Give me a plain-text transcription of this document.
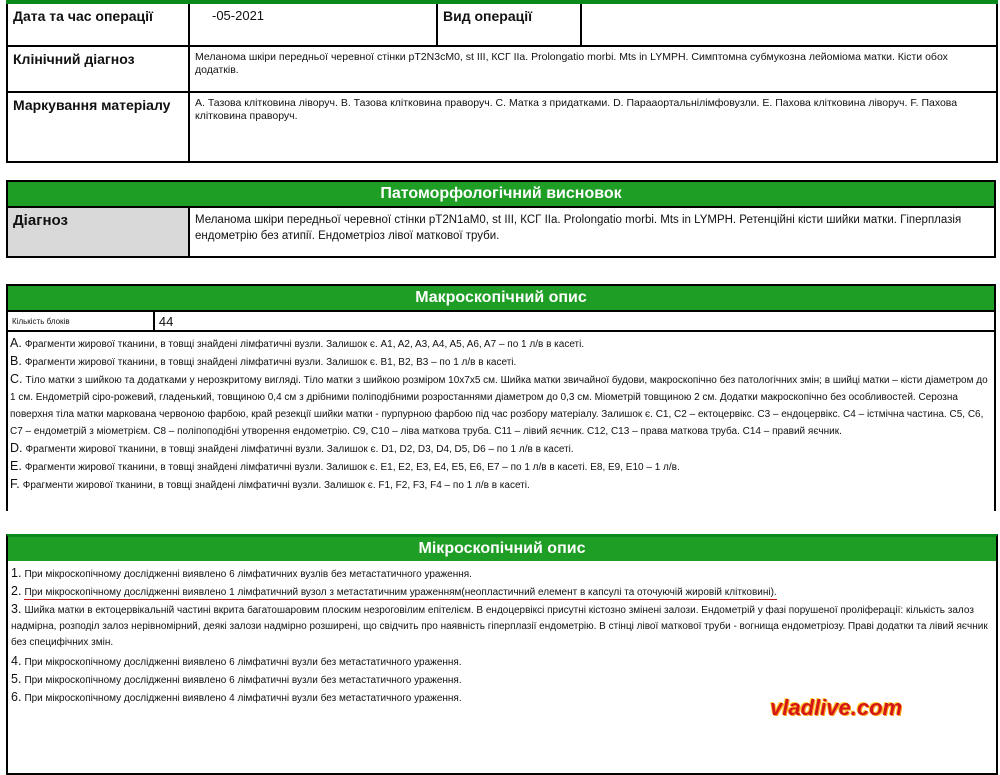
Дата та час операції	-05-2021	Вид операції	
Клінічний діагноз	Меланома шкіри передньої черевної стінки pT2N3cM0, st III, КСГ IIa. Prolongatio morbi. Mts in LYMPH. Симптомна субмукозна лейоміома матки. Кісти обох додатків.		
Маркування матеріалу	A. Тазова клітковина ліворуч. B. Тазова клітковина праворуч. C. Матка з придатками. D. Парааортальнілімфовузли. E. Пахова клітковина ліворуч. F. Пахова клітковина праворуч.		
Патоморфологічний висновок
Діагноз	Меланома шкіри передньої черевної стінки pT2N1aM0, st III, КСГ IIa. Prolongatio morbi. Mts in LYMPH. Ретенційні кісти шийки матки. Гіперплазія ендометрію без атипії. Ендометріоз лівої маткової труби.
Макроскопічний опис
Кількість блоків	44
A. Фрагменти жирової тканини, в товщі знайдені лімфатичні вузли. Залишок є. A1, A2, A3, A4, A5, A6, A7 – по 1 л/в в касеті.
B. Фрагменти жирової тканини, в товщі знайдені лімфатичні вузли. Залишок є. B1, B2, B3 – по 1 л/в в касеті.
C. Тіло матки з шийкою та додатками у нерозкритому вигляді. Тіло матки з шийкою розміром 10х7х5 см. Шийка матки звичайної будови, макроскопічно без патологічних змін; в шийці матки – кісти діаметром до 1 см. Ендометрій сіро-рожевий, гладенький, товщиною 0,4 см з дрібними поліподібними розростаннями діаметром до 0,3 см. Міометрій товщиною 2 см. Додатки макроскопічно без особливостей. Серозна поверхня тіла матки маркована червоною фарбою, край резекції шийки матки - пурпурною фарбою під час розбору матеріалу. Залишок є. C1, C2 – ектоцервікс. C3 – ендоцервікс. C4 – істмічна частина. C5, C6, C7 – ендометрій з міометрієм. C8 – поліпоподібні утворення ендометрію. C9, C10 – ліва маткова труба. C11 – лівий яєчник. C12, C13 – права маткова труба. C14 – правий яєчник.
D. Фрагменти жирової тканини, в товщі знайдені лімфатичні вузли. Залишок є. D1, D2, D3, D4, D5, D6 – по 1 л/в в касеті.
E. Фрагменти жирової тканини, в товщі знайдені лімфатичні вузли. Залишок є. E1, E2, E3, E4, E5, E6, E7 – по 1 л/в в касеті. E8, E9, E10 – 1 л/в.
F. Фрагменти жирової тканини, в товщі знайдені лімфатичні вузли. Залишок є. F1, F2, F3, F4 – по 1 л/в в касеті.
Мікроскопічний опис
1. При мікроскопічному дослідженні виявлено 6 лімфатичних вузлів без метастатичного ураження.
2. При мікроскопічному дослідженні виявлено 1 лімфатичний вузол з метастатичним ураженням(неопластичний елемент в капсулі та оточуючій жировій клітковині).
3. Шийка матки в ектоцервікальній частині вкрита багатошаровим плоским незроговілим епітелієм. В ендоцервіксі присутні кістозно змінені залози. Ендометрій у фазі порушеної проліферації: кількість залоз надмірна, розподіл залоз нерівномірний, деякі залози надмірно розширені, що свідчить про наявність гіперплазії ендометрію. В стінці лівої маткової труби - вогнища ендометріозу. Праві додатки та лівий яєчник без специфічних змін.
4. При мікроскопічному дослідженні виявлено 6 лімфатичні вузли без метастатичного ураження.
5. При мікроскопічному дослідженні виявлено 6 лімфатичні вузли без метастатичного ураження.
6. При мікроскопічному дослідженні виявлено 4 лімфатичні вузли без метастатичного ураження.	vladlive.com
